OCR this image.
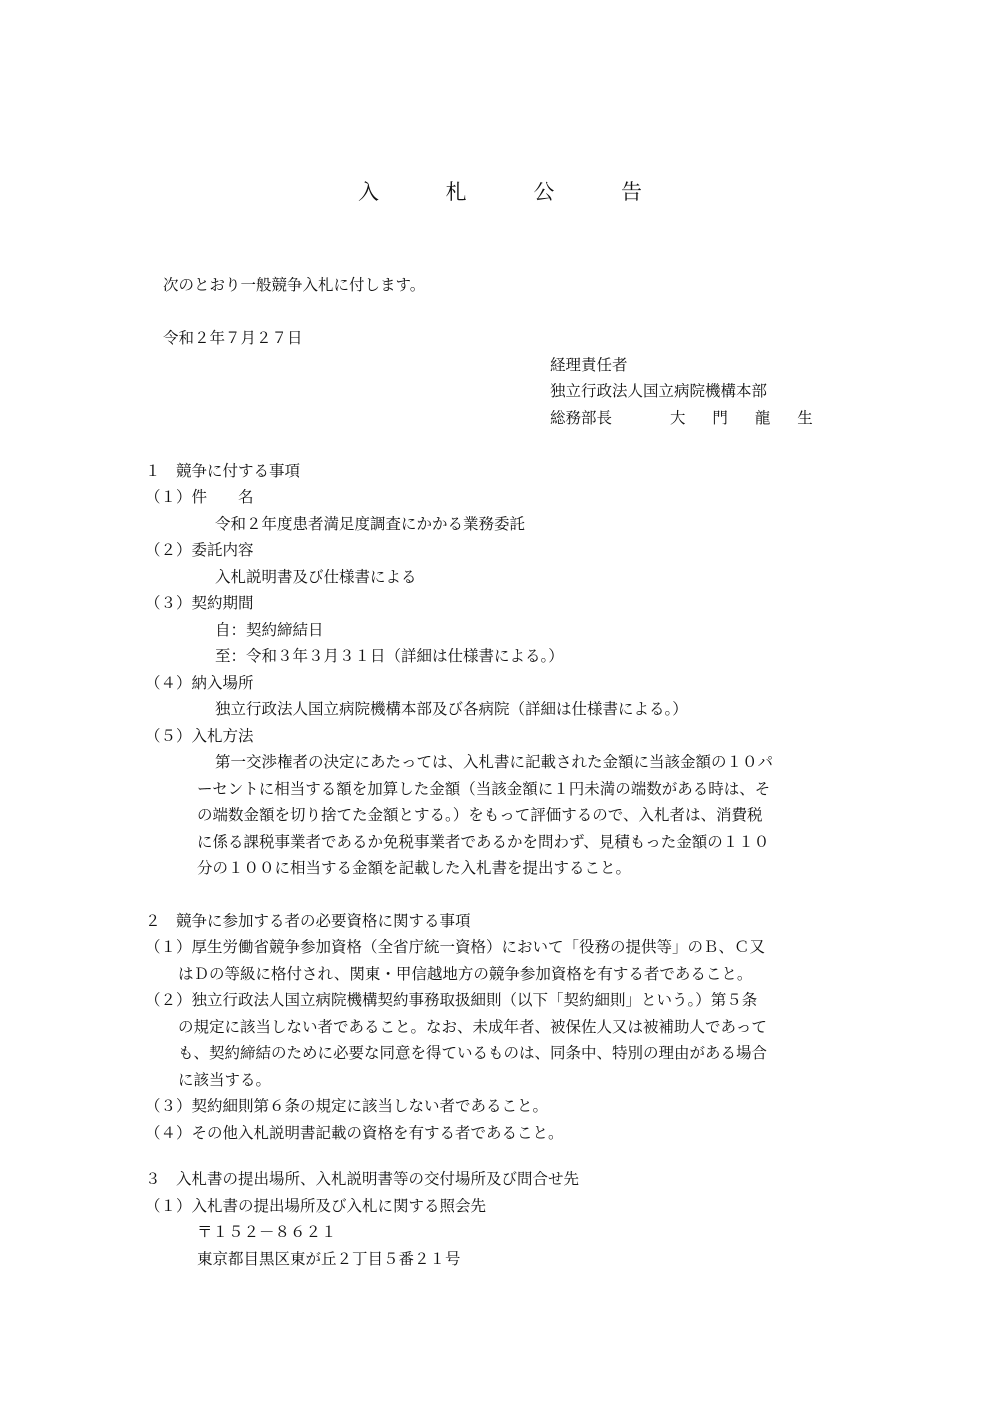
入 札 公 告
次のとおり一般競争入札に付します。
令和２年７月２７日
経理責任者
独立行政法人国立病院機構本部
総務部長	大 門 龍 生
１　競争に付する事項
（１）件　　名
令和２年度患者満足度調査にかかる業務委託
（２）委託内容
入札説明書及び仕様書による
（３）契約期間
自：契約締結日
至：令和３年３月３１日（詳細は仕様書による。）
（４）納入場所
独立行政法人国立病院機構本部及び各病院（詳細は仕様書による。）
（５）入札方法
第一交渉権者の決定にあたっては、入札書に記載された金額に当該金額の１０パ
ーセントに相当する額を加算した金額（当該金額に１円未満の端数がある時は、そ
の端数金額を切り捨てた金額とする。）をもって評価するので、入札者は、消費税
に係る課税事業者であるか免税事業者であるかを問わず、見積もった金額の１１０
分の１００に相当する金額を記載した入札書を提出すること。
２　競争に参加する者の必要資格に関する事項
（１）厚生労働省競争参加資格（全省庁統一資格）において「役務の提供等」のＢ、Ｃ又
はＤの等級に格付され、関東・甲信越地方の競争参加資格を有する者であること。
（２）独立行政法人国立病院機構契約事務取扱細則（以下「契約細則」という。）第５条
の規定に該当しない者であること。なお、未成年者、被保佐人又は被補助人であって
も、契約締結のために必要な同意を得ているものは、同条中、特別の理由がある場合
に該当する。
（３）契約細則第６条の規定に該当しない者であること。
（４）その他入札説明書記載の資格を有する者であること。
３　入札書の提出場所、入札説明書等の交付場所及び問合せ先
（１）入札書の提出場所及び入札に関する照会先
〒１５２－８６２１
東京都目黒区東が丘２丁目５番２１号
